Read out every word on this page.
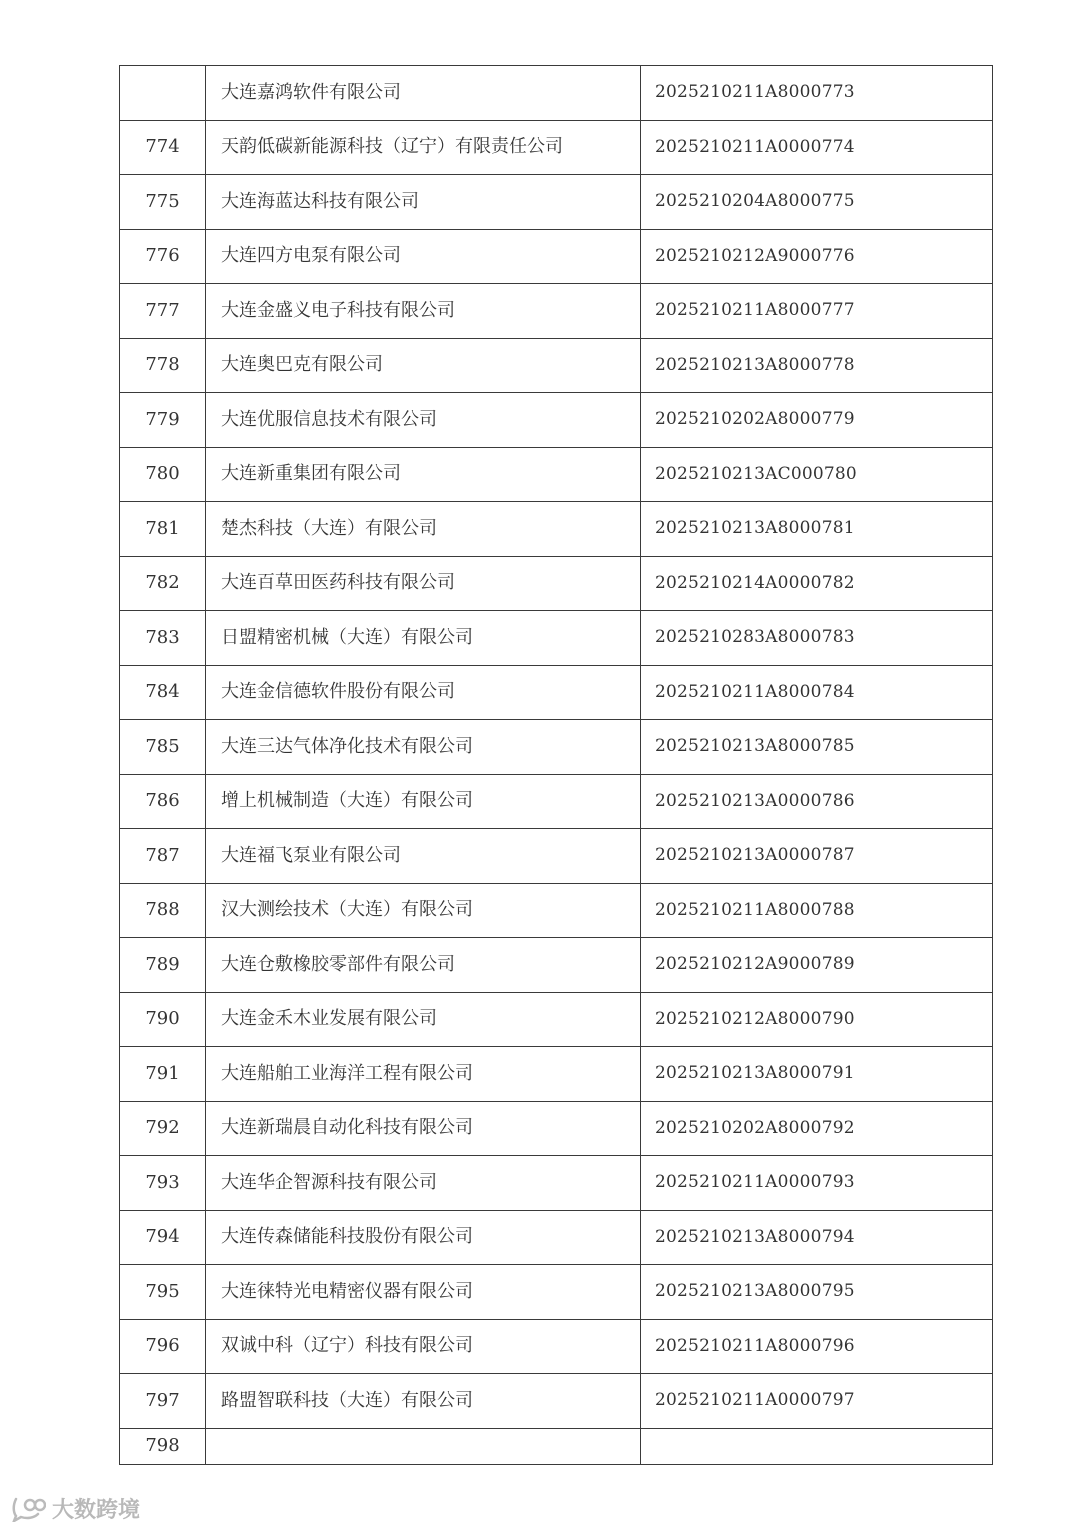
	大连嘉鸿软件有限公司	2025210211A8000773
774	天韵低碳新能源科技（辽宁）有限责任公司	2025210211A0000774
775	大连海蓝达科技有限公司	2025210204A8000775
776	大连四方电泵有限公司	2025210212A9000776
777	大连金盛义电子科技有限公司	2025210211A8000777
778	大连奥巴克有限公司	2025210213A8000778
779	大连优服信息技术有限公司	2025210202A8000779
780	大连新重集团有限公司	2025210213AC000780
781	楚杰科技（大连）有限公司	2025210213A8000781
782	大连百草田医药科技有限公司	2025210214A0000782
783	日盟精密机械（大连）有限公司	2025210283A8000783
784	大连金信德软件股份有限公司	2025210211A8000784
785	大连三达气体净化技术有限公司	2025210213A8000785
786	增上机械制造（大连）有限公司	2025210213A0000786
787	大连福飞泵业有限公司	2025210213A0000787
788	汉大测绘技术（大连）有限公司	2025210211A8000788
789	大连仓敷橡胶零部件有限公司	2025210212A9000789
790	大连金禾木业发展有限公司	2025210212A8000790
791	大连船舶工业海洋工程有限公司	2025210213A8000791
792	大连新瑞晨自动化科技有限公司	2025210202A8000792
793	大连华企智源科技有限公司	2025210211A0000793
794	大连传森储能科技股份有限公司	2025210213A8000794
795	大连徕特光电精密仪器有限公司	2025210213A8000795
796	双诚中科（辽宁）科技有限公司	2025210211A8000796
797	路盟智联科技（大连）有限公司	2025210211A0000797
798		
大数跨境
